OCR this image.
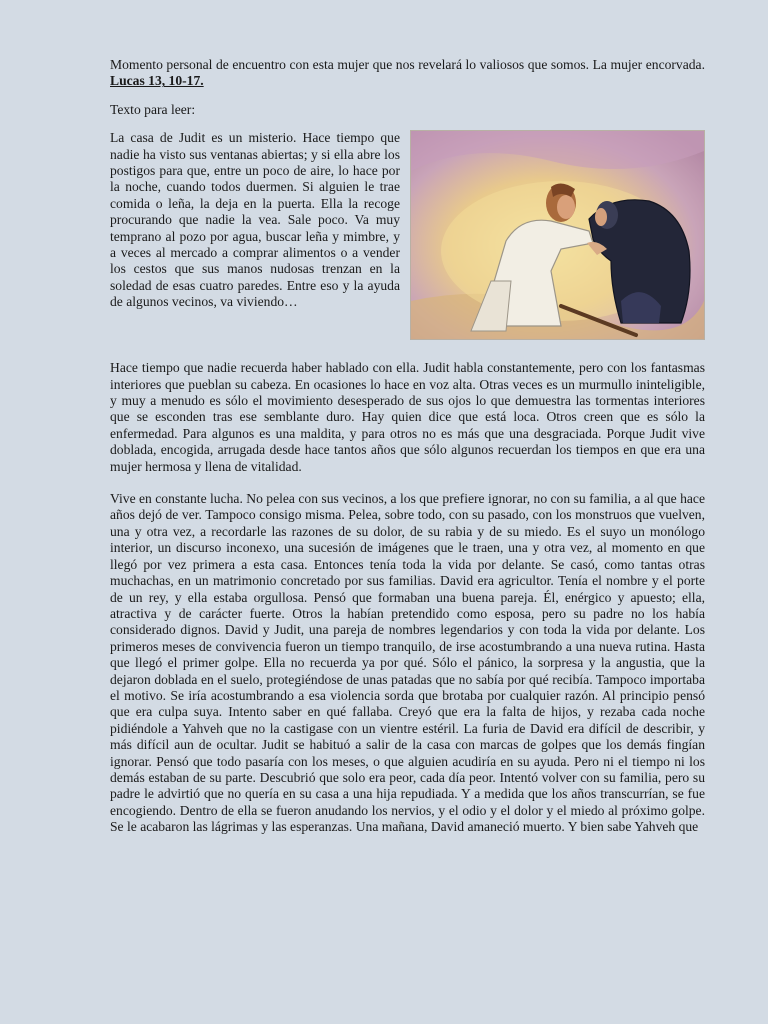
Momento personal de encuentro con esta mujer que nos revelará lo valiosos que somos. La mujer encorvada. Lucas 13, 10-17.

Texto para leer:

La casa de Judit es un misterio. Hace tiempo que nadie ha visto sus ventanas abiertas; y si ella abre los postigos para que, entre un poco de aire, lo hace por la noche, cuando todos duermen. Si alguien le trae comida o leña, la deja en la puerta. Ella la recoge procurando que nadie la vea. Sale poco. Va muy temprano al pozo por agua, buscar leña y mimbre, y a veces al mercado a comprar alimentos o a vender los cestos que sus manos nudosas trenzan en la soledad de esas cuatro paredes. Entre eso y la ayuda de algunos vecinos, va viviendo…

Hace tiempo que nadie recuerda haber hablado con ella. Judit habla constantemente, pero con los fantasmas interiores que pueblan su cabeza. En ocasiones lo hace en voz alta. Otras veces es un murmullo ininteligible, y muy a menudo es sólo el movimiento desesperado de sus ojos lo que demuestra las tormentas interiores que se esconden tras ese semblante duro. Hay quien dice que está loca. Otros creen que es sólo la enfermedad. Para algunos es una maldita, y para otros no es más que una desgraciada. Porque Judit vive doblada, encogida, arrugada desde hace tantos años que sólo algunos recuerdan los tiempos en que era una mujer hermosa y llena de vitalidad.

Vive en constante lucha. No pelea con sus vecinos, a los que prefiere ignorar, no con su familia, a al que hace años dejó de ver. Tampoco consigo misma. Pelea, sobre todo, con su pasado, con los monstruos que vuelven, una y otra vez, a recordarle las razones de su dolor, de su rabia y de su miedo. Es el suyo un monólogo interior, un discurso inconexo, una sucesión de imágenes que le traen, una y otra vez, al momento en que llegó por vez primera a esta casa. Entonces tenía toda la vida por delante. Se casó, como tantas otras muchachas, en un matrimonio concretado por sus familias. David era agricultor. Tenía el nombre y el porte de un rey, y ella estaba orgullosa. Pensó que formaban una buena pareja. Él, enérgico y apuesto; ella, atractiva y de carácter fuerte. Otros la habían pretendido como esposa, pero su padre no los había considerado dignos. David y Judit, una pareja de nombres legendarios y con toda la vida por delante. Los primeros meses de convivencia fueron un tiempo tranquilo, de irse acostumbrando a una nueva rutina. Hasta que llegó el primer golpe. Ella no recuerda ya por qué. Sólo el pánico, la sorpresa y la angustia, que la dejaron doblada en el suelo, protegiéndose de unas patadas que no sabía por qué recibía. Tampoco importaba el motivo. Se iría acostumbrando a esa violencia sorda que brotaba por cualquier razón. Al principio pensó que era culpa suya. Intento saber en qué fallaba. Creyó que era la falta de hijos, y rezaba cada noche pidiéndole a Yahveh que no la castigase con un vientre estéril. La furia de David era difícil de describir, y más difícil aun de ocultar. Judit se habituó a salir de la casa con marcas de golpes que los demás fingían ignorar. Pensó que todo pasaría con los meses, o que alguien acudiría en su ayuda. Pero ni el tiempo ni los demás estaban de su parte. Descubrió que solo era peor, cada día peor. Intentó volver con su familia, pero su padre le advirtió que no quería en su casa a una hija repudiada. Y a medida que los años transcurrían, se fue encogiendo. Dentro de ella se fueron anudando los nervios, y el odio y el dolor y el miedo al próximo golpe. Se le acabaron las lágrimas y las esperanzas. Una mañana, David amaneció muerto. Y bien sabe Yahveh que
